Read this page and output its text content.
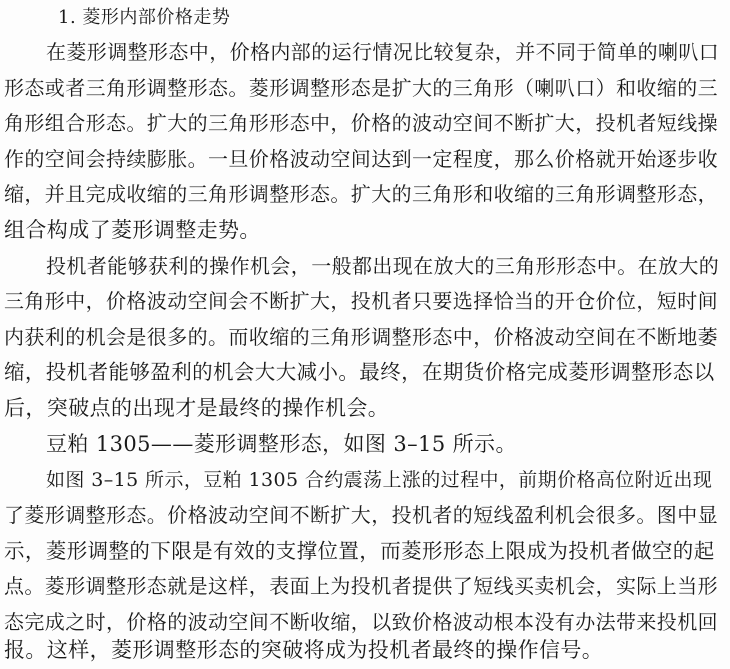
1. 菱形内部价格走势
在菱形调整形态中，价格内部的运行情况比较复杂，并不同于简单的喇叭口
形态或者三角形调整形态。菱形调整形态是扩大的三角形（喇叭口）和收缩的三
角形组合形态。扩大的三角形形态中，价格的波动空间不断扩大，投机者短线操
作的空间会持续膨胀。一旦价格波动空间达到一定程度，那么价格就开始逐步收
缩，并且完成收缩的三角形调整形态。扩大的三角形和收缩的三角形调整形态，
组合构成了菱形调整走势。
投机者能够获利的操作机会，一般都出现在放大的三角形形态中。在放大的
三角形中，价格波动空间会不断扩大，投机者只要选择恰当的开仓价位，短时间
内获利的机会是很多的。而收缩的三角形调整形态中，价格波动空间在不断地萎
缩，投机者能够盈利的机会大大减小。最终，在期货价格完成菱形调整形态以
后，突破点的出现才是最终的操作机会。
豆粕 1305——菱形调整形态，如图 3–15 所示。
如图 3–15 所示，豆粕 1305 合约震荡上涨的过程中，前期价格高位附近出现
了菱形调整形态。价格波动空间不断扩大，投机者的短线盈利机会很多。图中显
示，菱形调整的下限是有效的支撑位置，而菱形形态上限成为投机者做空的起
点。菱形调整形态就是这样，表面上为投机者提供了短线买卖机会，实际上当形
态完成之时，价格的波动空间不断收缩，以致价格波动根本没有办法带来投机回
报。这样，菱形调整形态的突破将成为投机者最终的操作信号。
